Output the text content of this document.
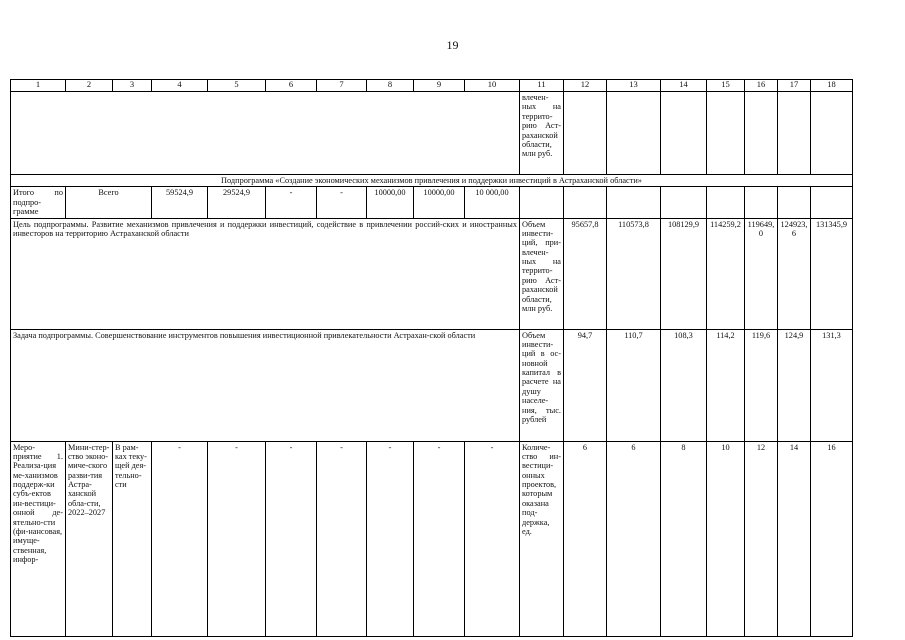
19
1	2	3	4	5	6	7	8	9	10	11	12	13	14	15	16	17	18
										влечен-ных на террито-рию Аст-раханской области, млн руб.							
Подпрограмма «Создание экономических механизмов привлечения и поддержки инвестиций в Астраханской области»																	
Итого по подпро-грамме	Всего		59524,9	29524,9	-	-	10000,00	10000,00	10 000,00								
Цель подпрограммы. Развитие механизмов привлечения и поддержки инвестиций, содействие в привлечении россий-ских и иностранных инвесторов на территорию Астраханской области										Объем инвести-ций, при-влечен-ных на террито-рию Аст-раханской области, млн руб.	95657,8	110573,8	108129,9	114259,2	119649,0	124923,6	131345,9
Задача подпрограммы. Совершенствование инструментов повышения инвестиционной привлекательности Астрахан-ской области										Объем инвести-ций в ос-новной капитал в расчете на душу населе-ния, тыс. рублей	94,7	110,7	108,3	114,2	119,6	124,9	131,3
Меро-приятие 1. Реализа-ция ме-ханизмов поддерж-ки субъ-ектов ин-вестици-онной де-ятельно-сти (фи-нансовая, имуще-ственная, инфор-	Мини-стер-ство эконо-миче-ского разви-тия Астра-ханской обла-сти, 2022–2027	В рам-ках теку-щей дея-тельно-сти	-	-	-	-	-	-	-	Количе-ство ин-вестици-онных проектов, которым оказана под-держка, ед.	6	6	8	10	12	14	16
